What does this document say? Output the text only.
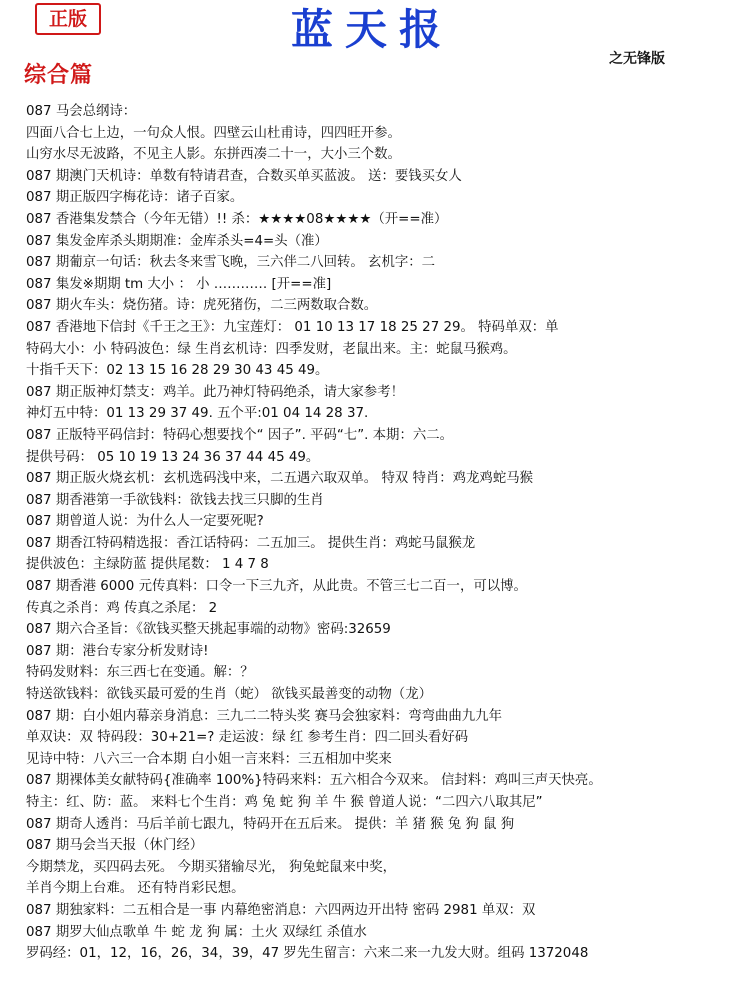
正版	蓝天报
之无锋版
综合篇
087 马会总纲诗：
四面八合七上边，一句众人恨。四壁云山杜甫诗，四四旺开参。
山穷水尽无波路，不见主人影。东拼西凑二十一，大小三个数。
087 期澳门天机诗：单数有特请君查，合数买单买蓝波。 送：要钱买女人
087 期正版四字梅花诗：诸子百家。
087 香港集发禁合（今年无错）!! 杀：★★★★08★★★★（开==准）
087 集发金库杀头期期准：金库杀头=4=头（准）
087 期葡京一句话：秋去冬来雪飞晚，三六伴二八回转。 玄机字：二
087 集发※期期 tm 大小 ： 小 ………… [开==准]
087 期火车头：烧伤猪。诗：虎死猪伤，二三两数取合数。
087 香港地下信封《千王之王》：九宝莲灯： 01 10 13 17 18 25 27 29。 特码单双：单
特码大小：小 特码波色：绿 生肖玄机诗：四季发财，老鼠出来。主：蛇鼠马猴鸡。
十指千天下：02 13 15 16 28 29 30 43 45 49。
087 期正版神灯禁支：鸡羊。此乃神灯特码绝杀，请大家参考！
神灯五中特：01 13 29 37 49. 五个平:01 04 14 28 37.
087 正版特平码信封：特码心想要找个“ 因子”. 平码“七”. 本期：六二。
提供号码： 05 10 19 13 24 36 37 44 45 49。
087 期正版火烧玄机：玄机选码浅中来，二五遇六取双单。 特双 特肖：鸡龙鸡蛇马猴
087 期香港第一手欲钱料：欲钱去找三只脚的生肖
087 期曾道人说：为什么人一定要死呢?
087 期香江特码精选报：香江话特码：二五加三。 提供生肖：鸡蛇马鼠猴龙
提供波色：主绿防蓝 提供尾数： 1 4 7 8
087 期香港 6000 元传真料：口令一下三九齐，从此贵。不管三七二百一，可以博。
传真之杀肖：鸡 传真之杀尾： 2
087 期六合圣旨：《欲钱买整天挑起事端的动物》密码:32659
087 期：港台专家分析发财诗!
特码发财料：东三西七在变通。解：？
特送欲钱料：欲钱买最可爱的生肖（蛇） 欲钱买最善变的动物（龙）
087 期：白小姐内幕亲身消息：三九二二特头奖 赛马会独家料：弯弯曲曲九九年
单双诀：双 特码段：30+21=? 走运波：绿 红 参考生肖：四二回头看好码
见诗中特：八六三一合本期 白小姐一言来料：三五相加中奖来
087 期裸体美女献特码{准确率 100%}特码来料：五六相合今双来。 信封料：鸡叫三声天快亮。
特主：红、防：蓝。 来料七个生肖：鸡 兔 蛇 狗 羊 牛 猴 曾道人说：“二四六八取其尼”
087 期奇人透肖：马后羊前七跟九，特码开在五后来。 提供：羊 猪 猴 兔 狗 鼠 狗
087 期马会当天报（休门经）
今期禁龙，买四码去死。 今期买猪输尽光， 狗兔蛇鼠来中奖，
羊肖今期上台难。 还有特肖彩民想。
087 期独家料：二五相合是一事 内幕绝密消息：六四两边开出特 密码 2981 单双：双
087 期罗大仙点歌单 牛 蛇 龙 狗 属：土火 双绿红 杀值水
罗码经：01，12，16，26，34，39，47 罗先生留言：六来二来一九发大财。组码 1372048
